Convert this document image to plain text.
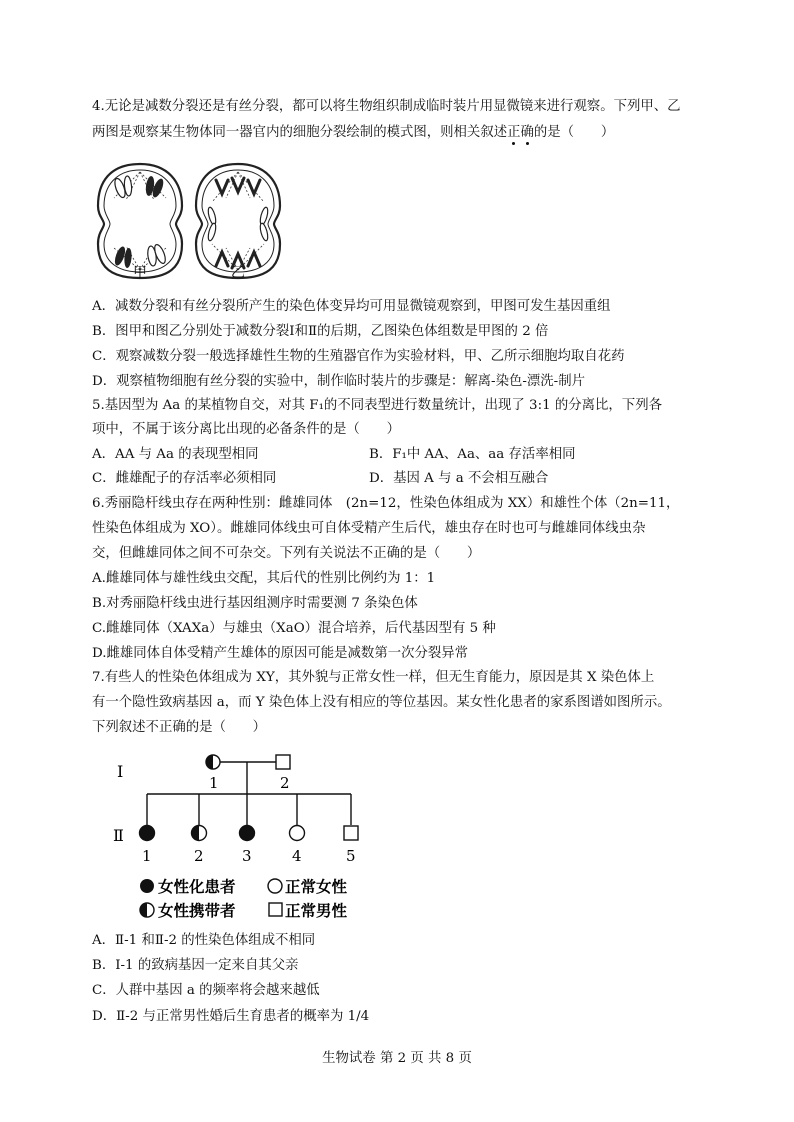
4.无论是减数分裂还是有丝分裂，都可以将生物组织制成临时装片用显微镜来进行观察。下列甲、乙
两图是观察某生物体同一器官内的细胞分裂绘制的模式图，则相关叙述正确的是（　　）
甲	乙
A．减数分裂和有丝分裂所产生的染色体变异均可用显微镜观察到，甲图可发生基因重组
B．图甲和图乙分别处于减数分裂Ⅰ和Ⅱ的后期，乙图染色体组数是甲图的 2 倍
C．观察减数分裂一般选择雄性生物的生殖器官作为实验材料，甲、乙所示细胞均取自花药
D．观察植物细胞有丝分裂的实验中，制作临时装片的步骤是：解离-染色-漂洗-制片
5.基因型为 Aa 的某植物自交，对其 F₁的不同表型进行数量统计，出现了 3:1 的分离比，下列各
项中，不属于该分离比出现的必备条件的是（　　）
A．AA 与 Aa 的表现型相同	B．F₁中 AA、Aa、aa 存活率相同
C．雌雄配子的存活率必须相同	D．基因 A 与 a 不会相互融合
6.秀丽隐杆线虫存在两种性别：雌雄同体　(2n=12，性染色体组成为 XX）和雄性个体（2n=11，
性染色体组成为 XO）。雌雄同体线虫可自体受精产生后代，雄虫存在时也可与雌雄同体线虫杂
交，但雌雄同体之间不可杂交。下列有关说法不正确的是（　　）
A.雌雄同体与雄性线虫交配，其后代的性别比例约为 1：1
B.对秀丽隐杆线虫进行基因组测序时需要测 7 条染色体
C.雌雄同体（XAXa）与雄虫（XaO）混合培养，后代基因型有 5 种
D.雌雄同体自体受精产生雄体的原因可能是减数第一次分裂异常
7.有些人的性染色体组成为 XY，其外貌与正常女性一样，但无生育能力，原因是其 X 染色体上
有一个隐性致病基因 a，而 Y 染色体上没有相应的等位基因。某女性化患者的家系图谱如图所示。
下列叙述不正确的是（　　）
Ⅰ
Ⅱ
1	2
1	2	3	4	5
女性化患者	正常女性
女性携带者	正常男性
A．Ⅱ-1 和Ⅱ-2 的性染色体组成不相同
B．I-1 的致病基因一定来自其父亲
C．人群中基因 a 的频率将会越来越低
D．Ⅱ-2 与正常男性婚后生育患者的概率为 1/4
生物试卷 第 2 页 共 8 页
